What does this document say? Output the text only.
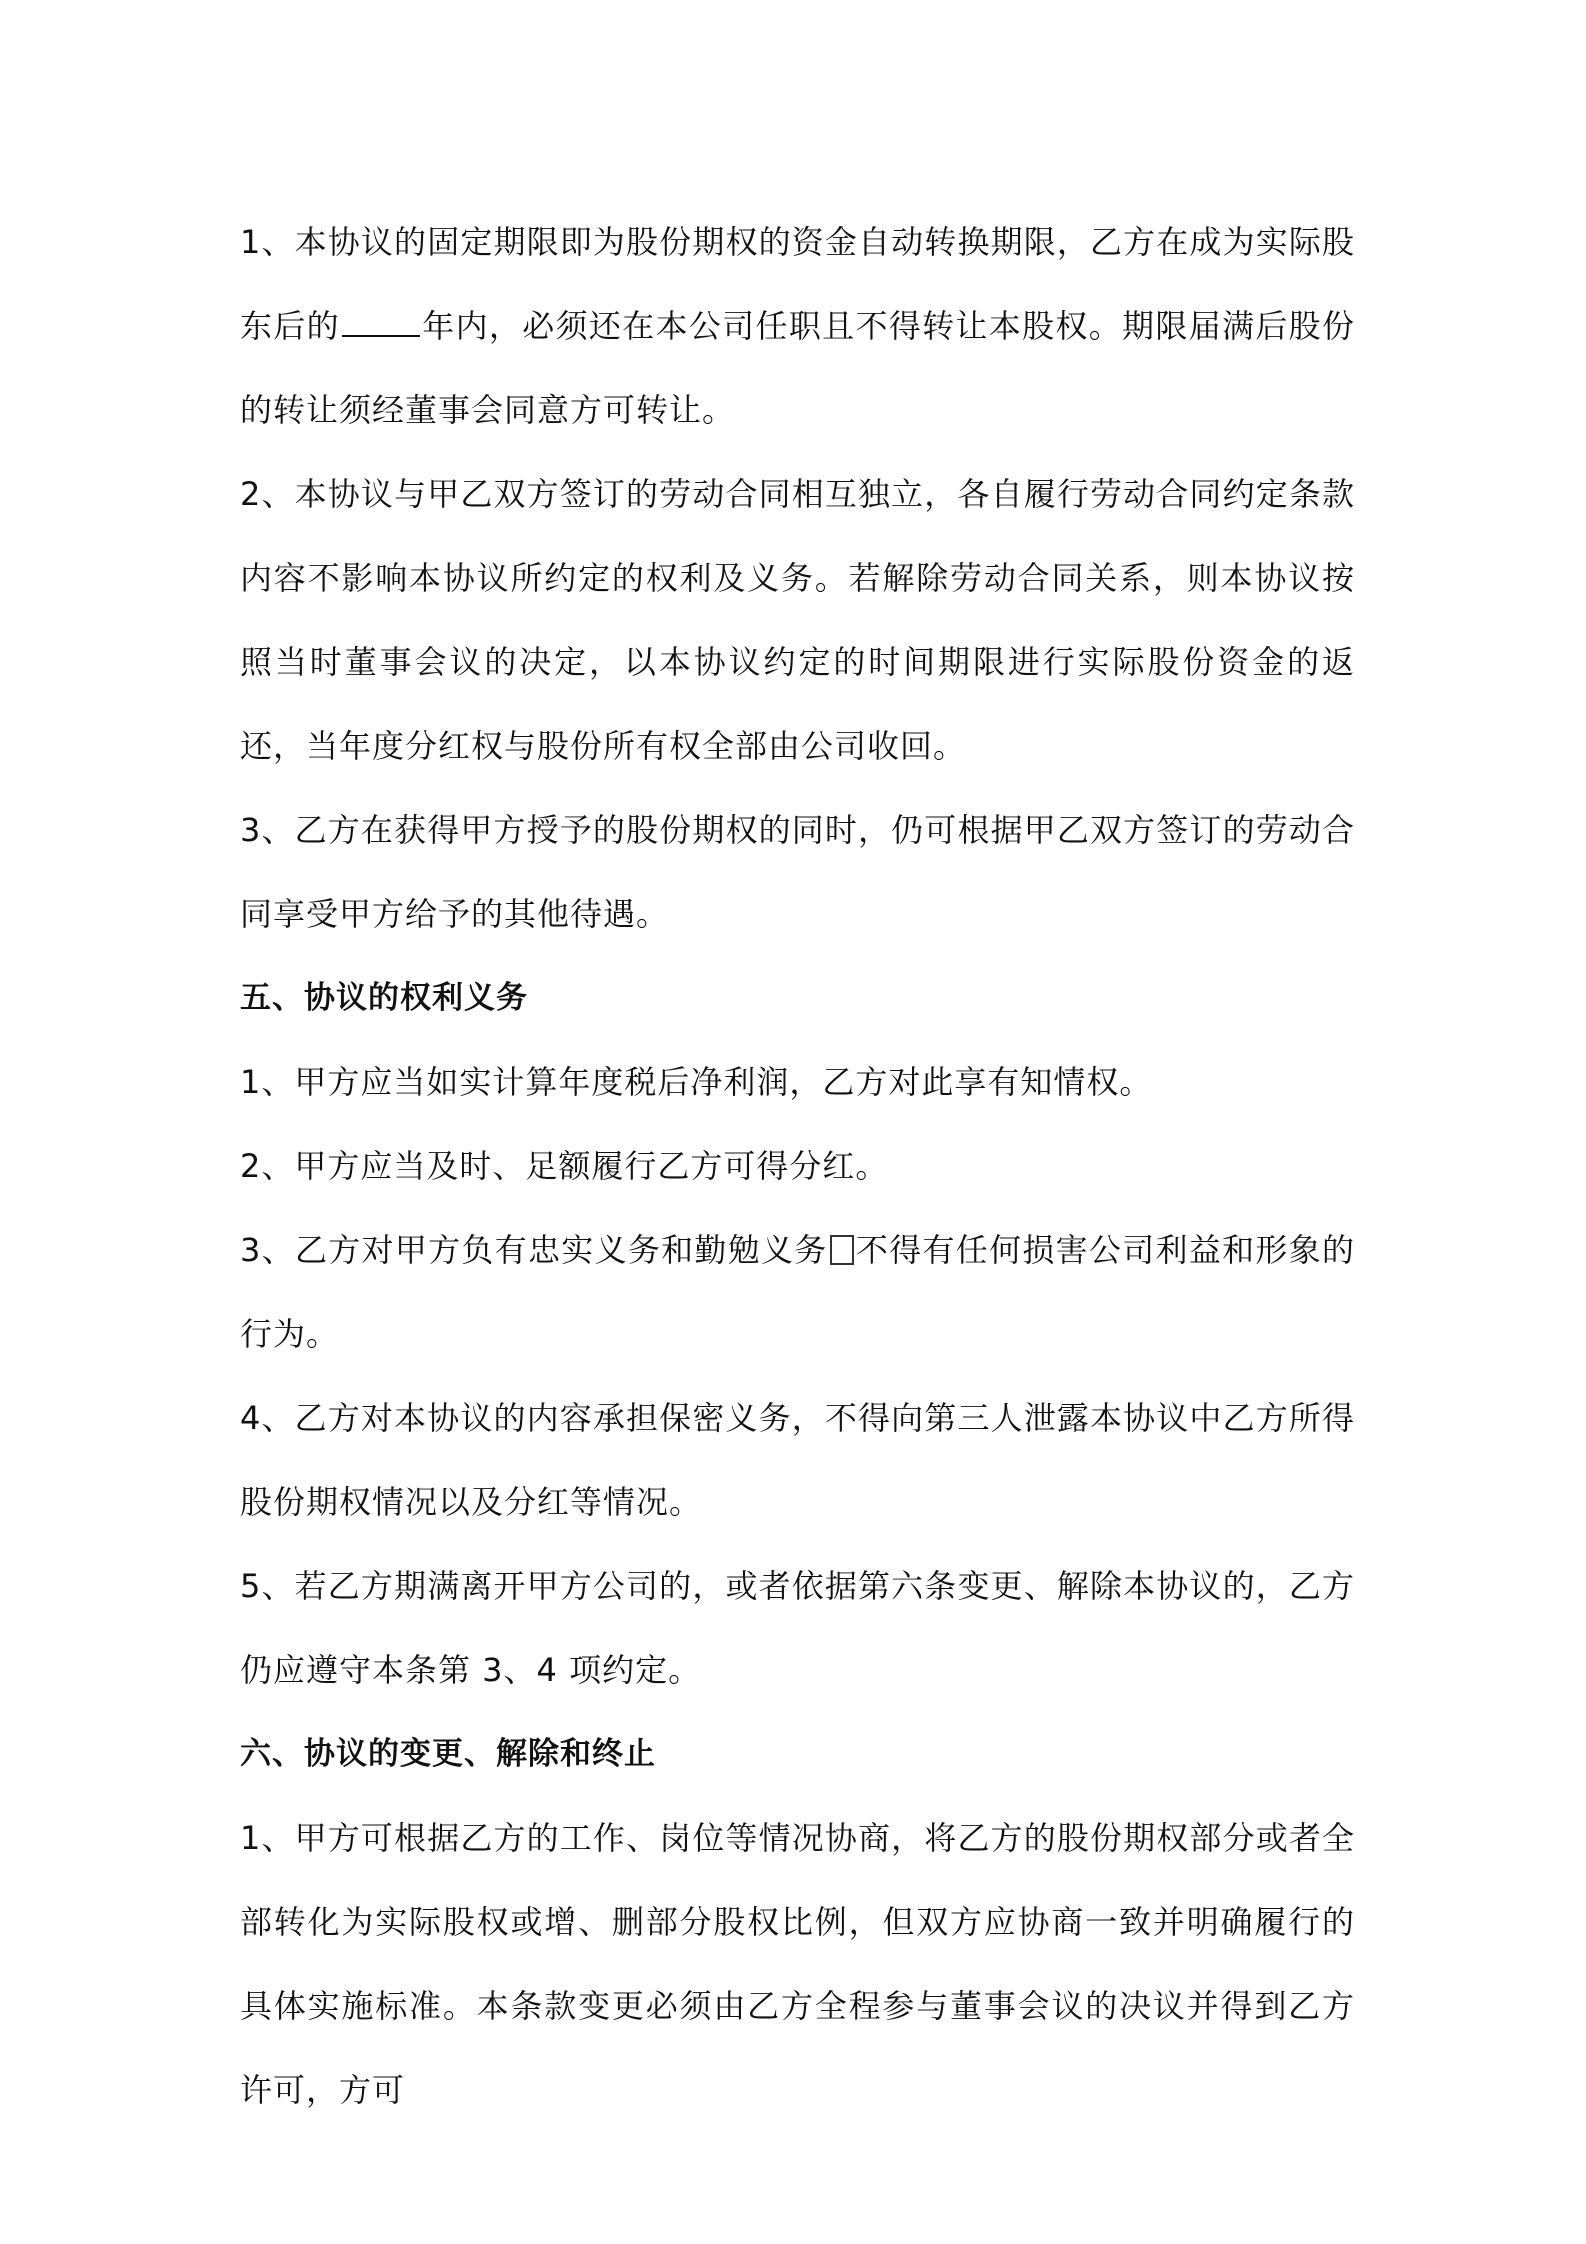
1、本协议的固定期限即为股份期权的资金自动转换期限，乙方在成为实际股东后的	年内，必须还在本公司任职且不得转让本股权。期限届满后股份的转让须经董事会同意方可转让。

2、本协议与甲乙双方签订的劳动合同相互独立，各自履行劳动合同约定条款内容不影响本协议所约定的权利及义务。若解除劳动合同关系，则本协议按照当时董事会议的决定，以本协议约定的时间期限进行实际股份资金的返还，当年度分红权与股份所有权全部由公司收回。

3、乙方在获得甲方授予的股份期权的同时，仍可根据甲乙双方签订的劳动合同享受甲方给予的其他待遇。

五、协议的权利义务

1、甲方应当如实计算年度税后净利润，乙方对此享有知情权。

2、甲方应当及时、足额履行乙方可得分红。

3、乙方对甲方负有忠实义务和勤勉义务 不得有任何损害公司利益和形象的行为。

4、乙方对本协议的内容承担保密义务，不得向第三人泄露本协议中乙方所得股份期权情况以及分红等情况。

5、若乙方期满离开甲方公司的，或者依据第六条变更、解除本协议的，乙方仍应遵守本条第 3、4 项约定。

六、协议的变更、解除和终止

1、甲方可根据乙方的工作、岗位等情况协商，将乙方的股份期权部分或者全部转化为实际股权或增、删部分股权比例，但双方应协商一致并明确履行的具体实施标准。本条款变更必须由乙方全程参与董事会议的决议并得到乙方许可，方可
